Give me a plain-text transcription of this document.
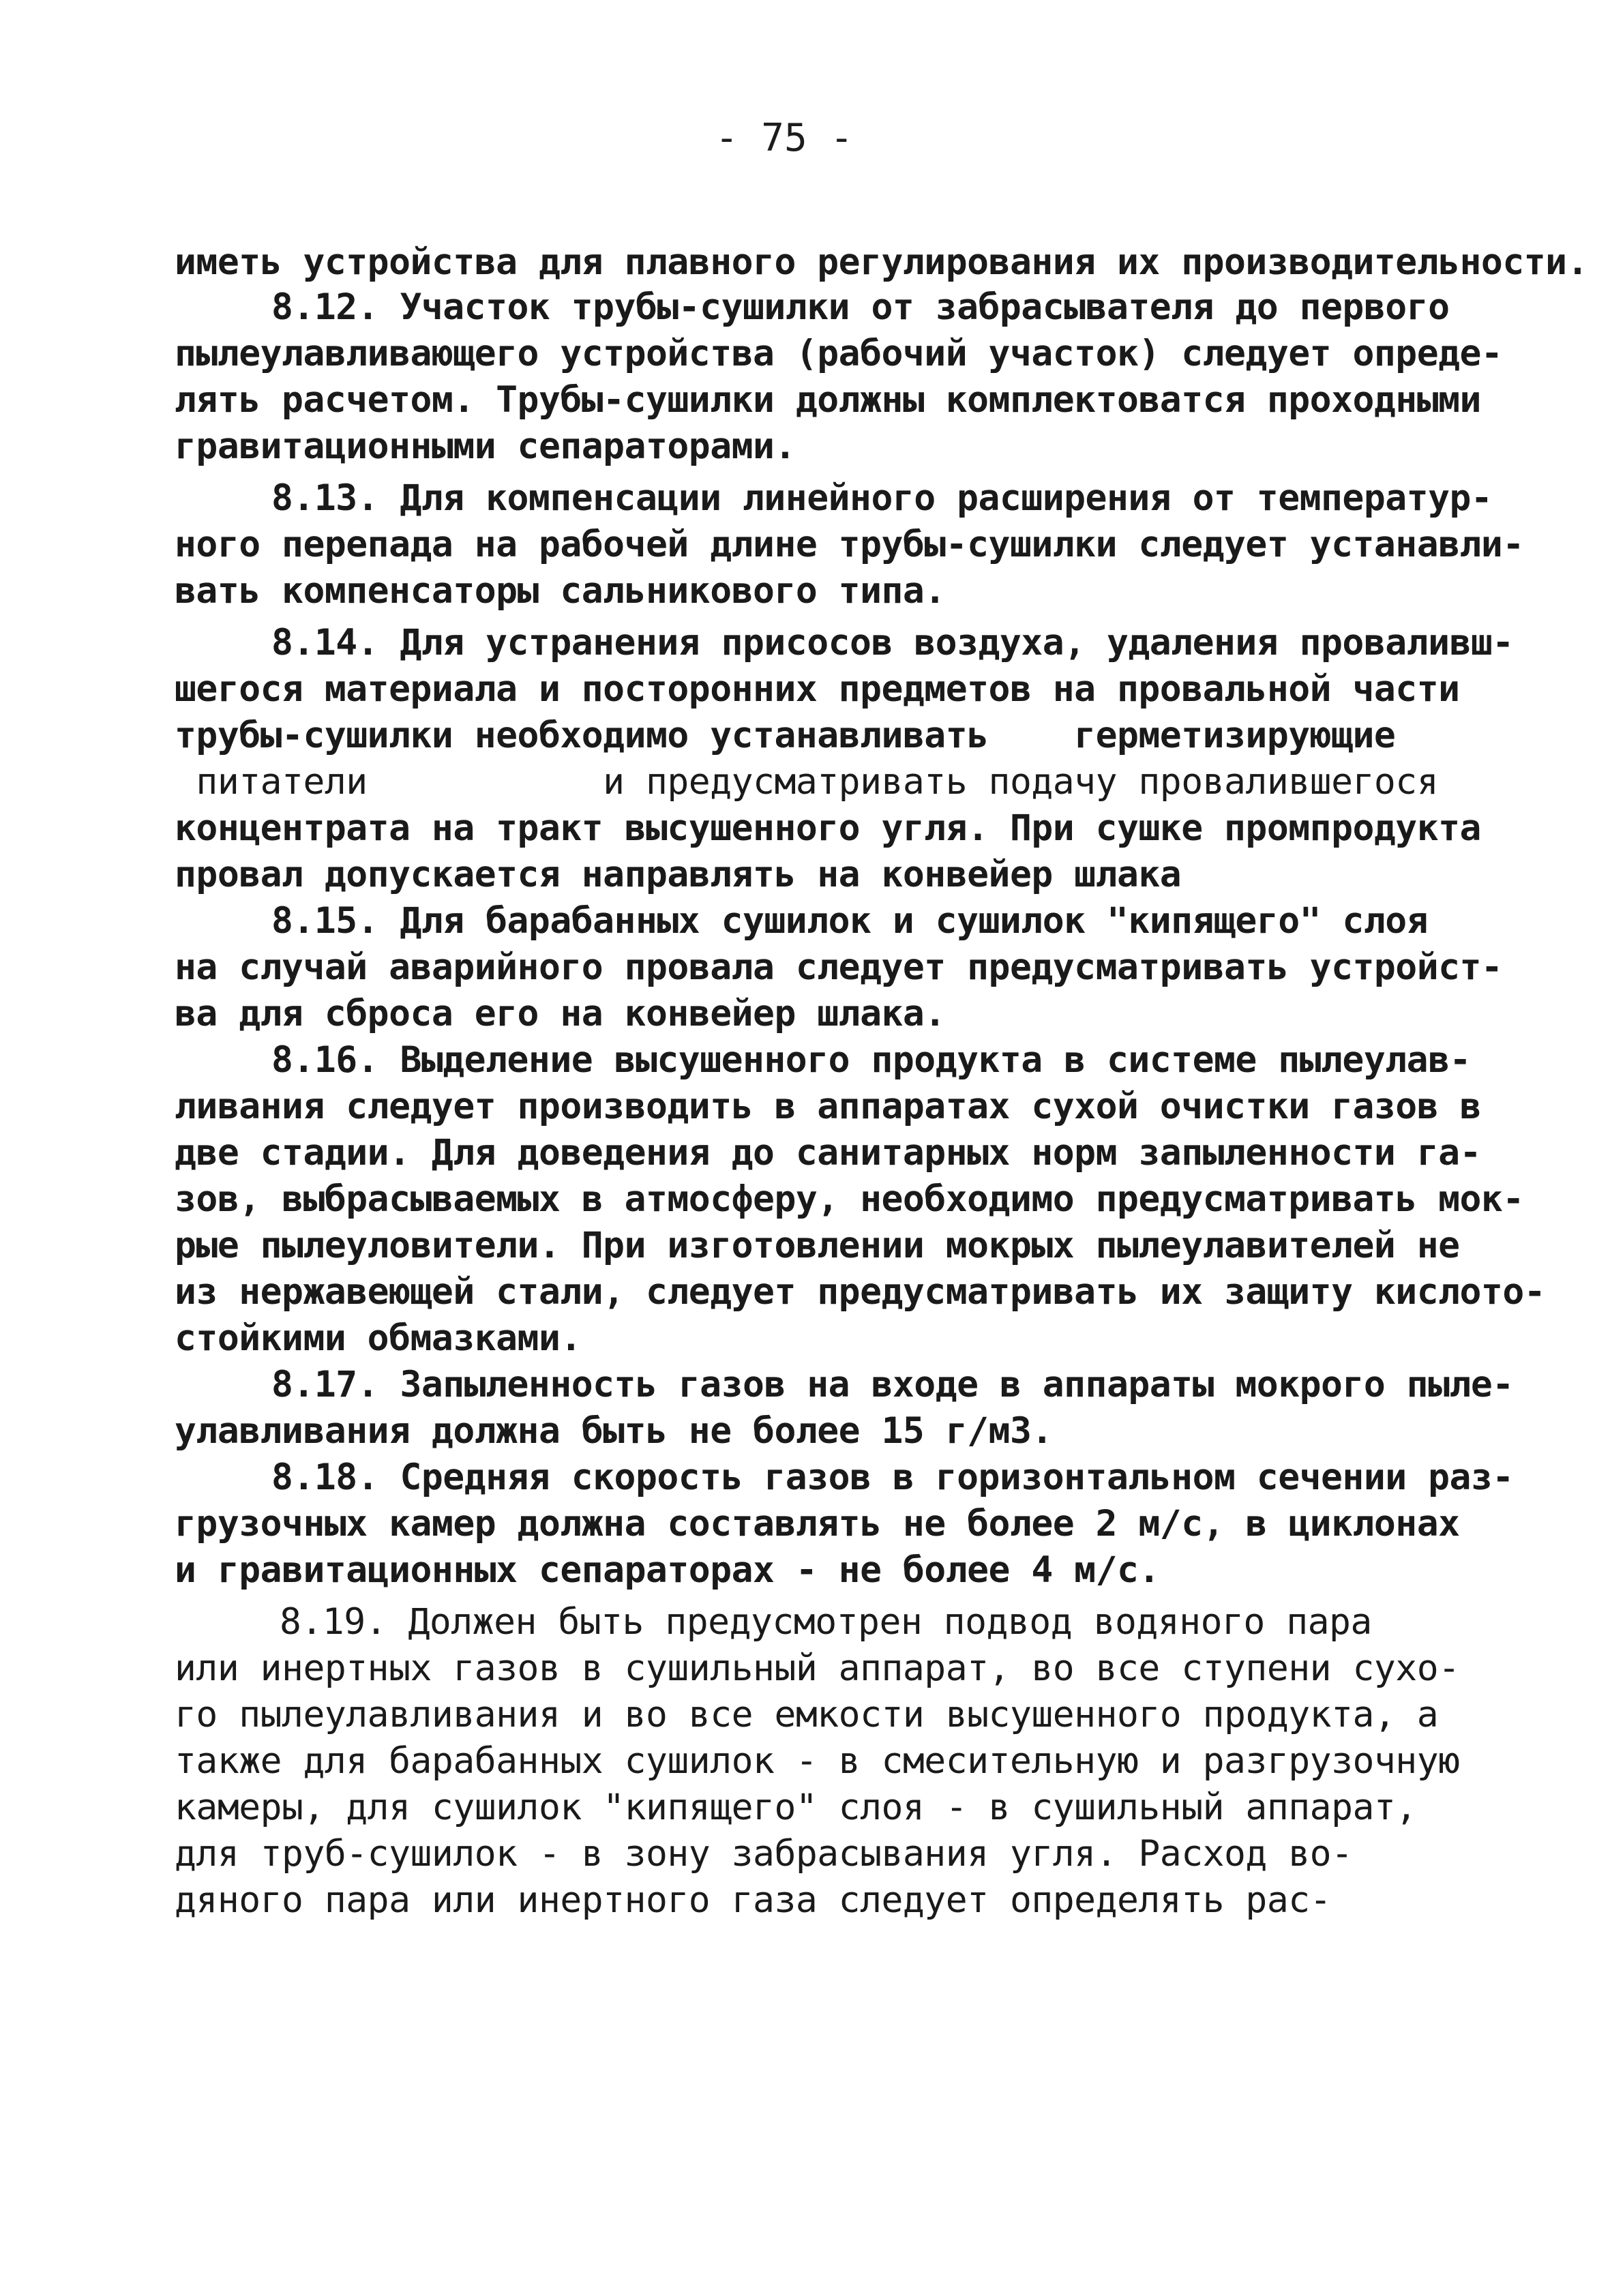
- 75 -
иметь устройства для плавного регулирования их производительности.
8.12. Участок трубы-сушилки от забрасывателя до первого
пылеулавливающего устройства (рабочий участок) следует опреде-
лять расчетом. Трубы-сушилки должны комплектоватся проходными
гравитационными сепараторами.
8.13. Для компенсации линейного расширения от температур-
ного перепада на рабочей длине трубы-сушилки следует устанавли-
вать компенсаторы сальникового типа.
8.14. Для устранения присосов воздуха, удаления проваливш-
шегося материала и посторонних предметов на провальной части
трубы-сушилки необходимо устанавливать    герметизирующие
питатели           и предусматривать подачу провалившегося
концентрата на тракт высушенного угля. При сушке промпродукта
провал допускается направлять на конвейер шлака
8.15. Для барабанных сушилок и сушилок "кипящего" слоя
на случай аварийного провала следует предусматривать устройст-
ва для сброса его на конвейер шлака.
8.16. Выделение высушенного продукта в системе пылеулав-
ливания следует производить в аппаратах сухой очистки газов в
две стадии. Для доведения до санитарных норм запыленности га-
зов, выбрасываемых в атмосферу, необходимо предусматривать мок-
рые пылеуловители. При изготовлении мокрых пылеулавителей не
из нержавеющей стали, следует предусматривать их защиту кислото-
стойкими обмазками.
8.17. Запыленность газов на входе в аппараты мокрого пыле-
улавливания должна быть не более 15 г/м3.
8.18. Средняя скорость газов в горизонтальном сечении раз-
грузочных камер должна составлять не более 2 м/с, в циклонах
и гравитационных сепараторах - не более 4 м/с.
8.19. Должен быть предусмотрен подвод водяного пара
или инертных газов в сушильный аппарат, во все ступени сухо-
го пылеулавливания и во все емкости высушенного продукта, а
также для барабанных сушилок - в смесительную и разгрузочную
камеры, для сушилок "кипящего" слоя - в сушильный аппарат,
для труб-сушилок - в зону забрасывания угля. Расход во-
дяного пара или инертного газа следует определять рас-
